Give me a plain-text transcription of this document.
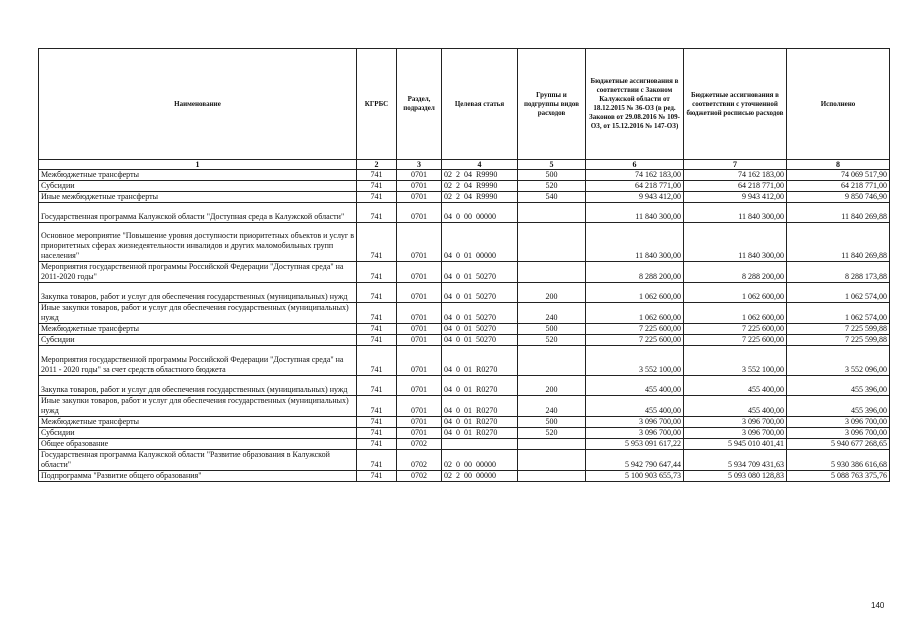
Наименование	КГРБС	Раздел, подраздел	Целевая статья	Группы и подгруппы видов расходов	Бюджетные ассигнования в соответствии с Законом Калужской области от 18.12.2015 № 36-ОЗ (в ред. Законов от 29.08.2016 № 109-ОЗ, от 15.12.2016 № 147-ОЗ)	Бюджетные ассигнования в соответствии с уточненной бюджетной росписью расходов	Исполнено
1	2	3	4	5	6	7	8
Межбюджетные трансферты	741	0701	02  2  04  R9990	500	74 162 183,00	74 162 183,00	74 069 517,90
Субсидии	741	0701	02  2  04  R9990	520	64 218 771,00	64 218 771,00	64 218 771,00
Иные межбюджетные трансферты	741	0701	02  2  04  R9990	540	9 943 412,00	9 943 412,00	9 850 746,90
Государственная программа Калужской области "Доступная среда в Калужской области"	741	0701	04  0  00  00000		11 840 300,00	11 840 300,00	11 840 269,88
Основное мероприятие "Повышение уровня доступности приоритетных объектов и услуг в приоритетных сферах жизнедеятельности инвалидов и других маломобильных групп населения"	741	0701	04  0  01  00000		11 840 300,00	11 840 300,00	11 840 269,88
Мероприятия государственной программы Российской Федерации "Доступная среда" на 2011-2020 годы"	741	0701	04  0  01  50270		8 288 200,00	8 288 200,00	8 288 173,88
Закупка товаров, работ и услуг для обеспечения государственных (муниципальных) нужд	741	0701	04  0  01  50270	200	1 062 600,00	1 062 600,00	1 062 574,00
Иные закупки товаров, работ и услуг для обеспечения государственных (муниципальных) нужд	741	0701	04  0  01  50270	240	1 062 600,00	1 062 600,00	1 062 574,00
Межбюджетные трансферты	741	0701	04  0  01  50270	500	7 225 600,00	7 225 600,00	7 225 599,88
Субсидии	741	0701	04  0  01  50270	520	7 225 600,00	7 225 600,00	7 225 599,88
Мероприятия государственной программы Российской Федерации "Доступная среда" на 2011 - 2020 годы" за счет средств областного бюджета	741	0701	04  0  01  R0270		3 552 100,00	3 552 100,00	3 552 096,00
Закупка товаров, работ и услуг для обеспечения государственных (муниципальных) нужд	741	0701	04  0  01  R0270	200	455 400,00	455 400,00	455 396,00
Иные закупки товаров, работ и услуг для обеспечения государственных (муниципальных) нужд	741	0701	04  0  01  R0270	240	455 400,00	455 400,00	455 396,00
Межбюджетные трансферты	741	0701	04  0  01  R0270	500	3 096 700,00	3 096 700,00	3 096 700,00
Субсидии	741	0701	04  0  01  R0270	520	3 096 700,00	3 096 700,00	3 096 700,00
Общее образование	741	0702			5 953 091 617,22	5 945 010 401,41	5 940 677 268,65
Государственная программа Калужской области "Развитие образования в Калужской области"	741	0702	02  0  00  00000		5 942 790 647,44	5 934 709 431,63	5 930 386 616,68
Подпрограмма "Развитие общего образования"	741	0702	02  2  00  00000		5 100 903 655,73	5 093 080 128,83	5 088 763 375,76
140
